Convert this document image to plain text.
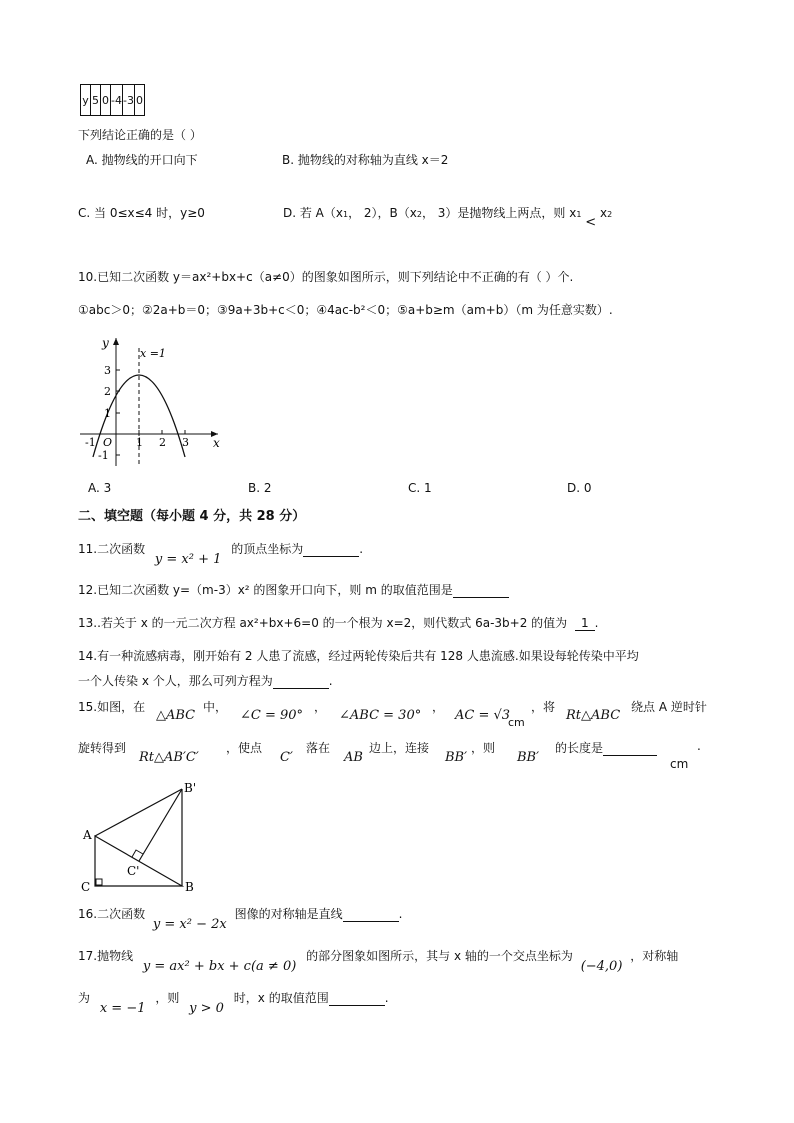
y	5	0	-4	-3	0
下列结论正确的是（ ）
A. 抛物线的开口向下	B. 抛物线的对称轴为直线 x＝2
C. 当 0≤x≤4 时，y≥0	D. 若 A（x1， 2），B（x2， 3）是抛物线上两点，则 x1 < x2
10.已知二次函数 y＝ax²+bx+c（a≠0）的图象如图所示，则下列结论中不正确的有（ ）个.
①abc＞0；②2a+b＝0；③9a+3b+c＜0；④4ac-b²＜0；⑤a+b≥m（am+b）（m 为任意实数）.
y
x
x =1
O
-1	1 2 3
3
2
1
-1
A. 3	B. 2	C. 1	D. 0
二、填空题（每小题 4 分，共 28 分）
11.二次函数 y = x² + 1 的顶点坐标为	.
12.已知二次函数 y=（m-3）x² 的图象开口向下，则 m 的取值范围是
13..若关于 x 的一元二次方程 ax²+bx+6=0 的一个根为 x=2，则代数式 6a-3b+2 的值为 1 .
14.有一种流感病毒，刚开始有 2 人患了流感，经过两轮传染后共有 128 人患流感.如果设每轮传染中平均
一个人传染 x 个人，那么可列方程为	.
15.如图，在
△ABC
中，
∠C = 90°
，
∠ABC = 30°
，
AC = √3
cm
，将
Rt△ABC
绕点 A 逆时针
旋转得到
Rt△AB′C′
，使点
C′
落在
AB
边上，连接
BB′
，则
BB′
的长度是
cm
.
B'
A
C
C'
B
16.二次函数 y = x² − 2x 图像的对称轴是直线	.
17.抛物线 y = ax² + bx + c(a ≠ 0) 的部分图象如图所示，其与 x 轴的一个交点坐标为 (−4,0) ，对称轴
为 x = −1 ，则 y > 0 时，x 的取值范围	.
